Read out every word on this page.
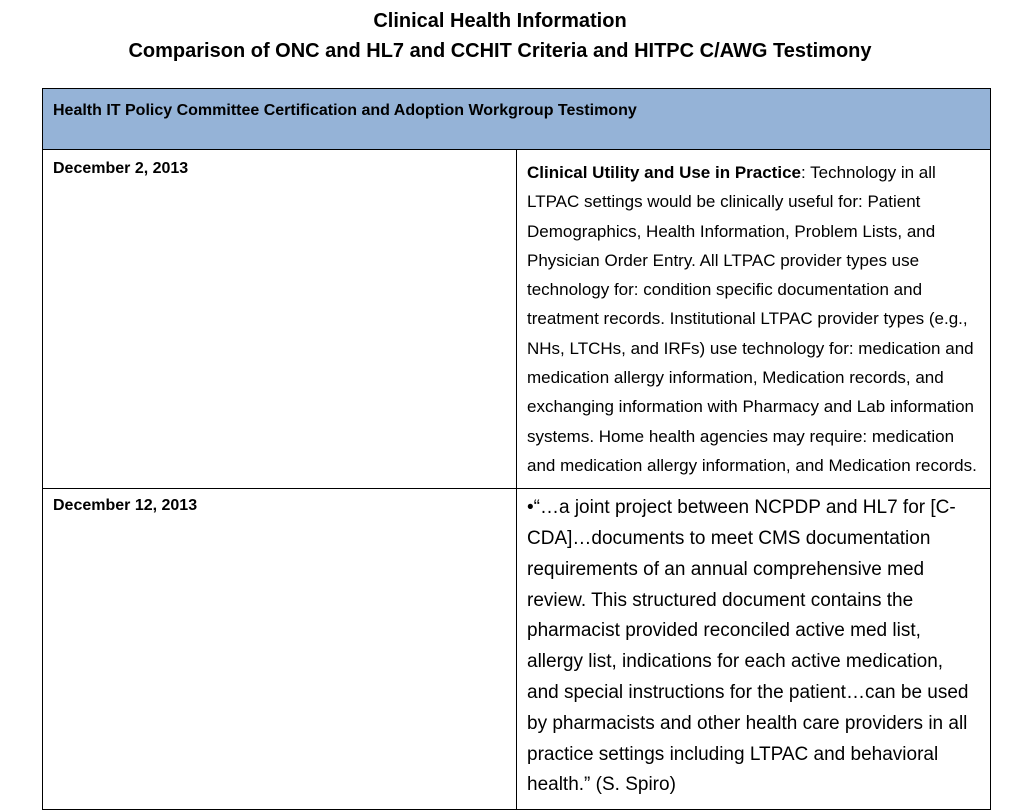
Clinical Health Information
Comparison of ONC and HL7 and CCHIT Criteria and HITPC C/AWG Testimony
Health IT Policy Committee Certification and Adoption Workgroup Testimony	
December 2, 2013	Clinical Utility and Use in Practice: Technology in all LTPAC settings would be clinically useful for: Patient Demographics, Health Information, Problem Lists, and Physician Order Entry. All LTPAC provider types use technology for: condition specific documentation and treatment records. Institutional LTPAC provider types (e.g., NHs, LTCHs, and IRFs) use technology for: medication and medication allergy information, Medication records, and exchanging information with Pharmacy and Lab information systems. Home health agencies may require: medication and medication allergy information, and Medication records.
December 12, 2013	•“…a joint project between NCPDP and HL7 for [C-CDA]…documents to meet CMS documentation requirements of an annual comprehensive med review. This structured document contains the pharmacist provided reconciled active med list, allergy list, indications for each active medication, and special instructions for the patient…can be used by pharmacists and other health care providers in all practice settings including LTPAC and behavioral health.” (S. Spiro)
